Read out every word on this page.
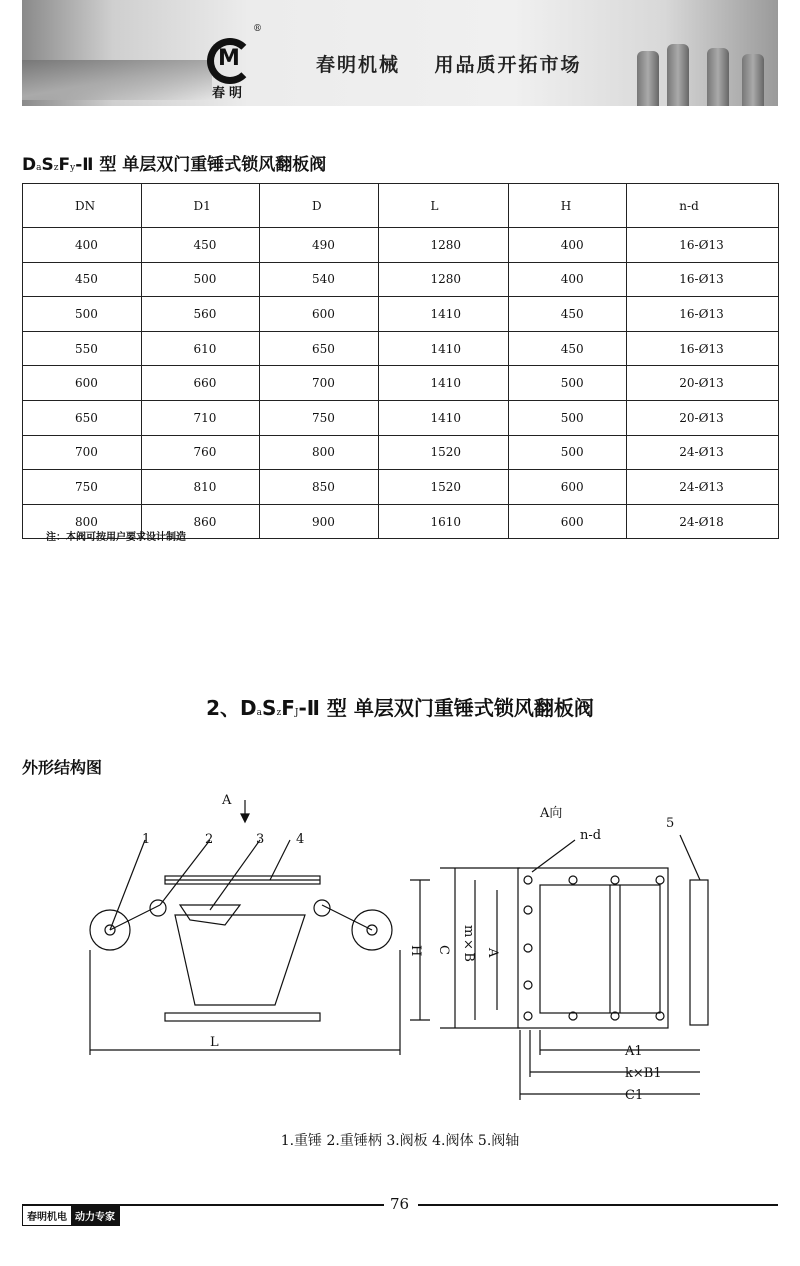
M
®
春明
春明机械    用品质开拓市场
DaSzFy-Ⅱ 型 单层双门重锤式锁风翻板阀
DN	D1	D	L	H	n-d
400	450	490	1280	400	16-Ø13
450	500	540	1280	400	16-Ø13
500	560	600	1410	450	16-Ø13
550	610	650	1410	450	16-Ø13
600	660	700	1410	500	20-Ø13
650	710	750	1410	500	20-Ø13
700	760	800	1520	500	24-Ø13
750	810	850	1520	600	24-Ø13
800	860	900	1610	600	24-Ø18
注：本阀可按用户要求设计制造
2、DaSzFJ-Ⅱ 型 单层双门重锤式锁风翻板阀
外形结构图
A
1	2	3 4
H
L
A向
n-d
5
C m×B A
A1
k×B1
C1
1.重锤 2.重锤柄 3.阀板 4.阀体 5.阀轴
76
春明机电 动力专家
